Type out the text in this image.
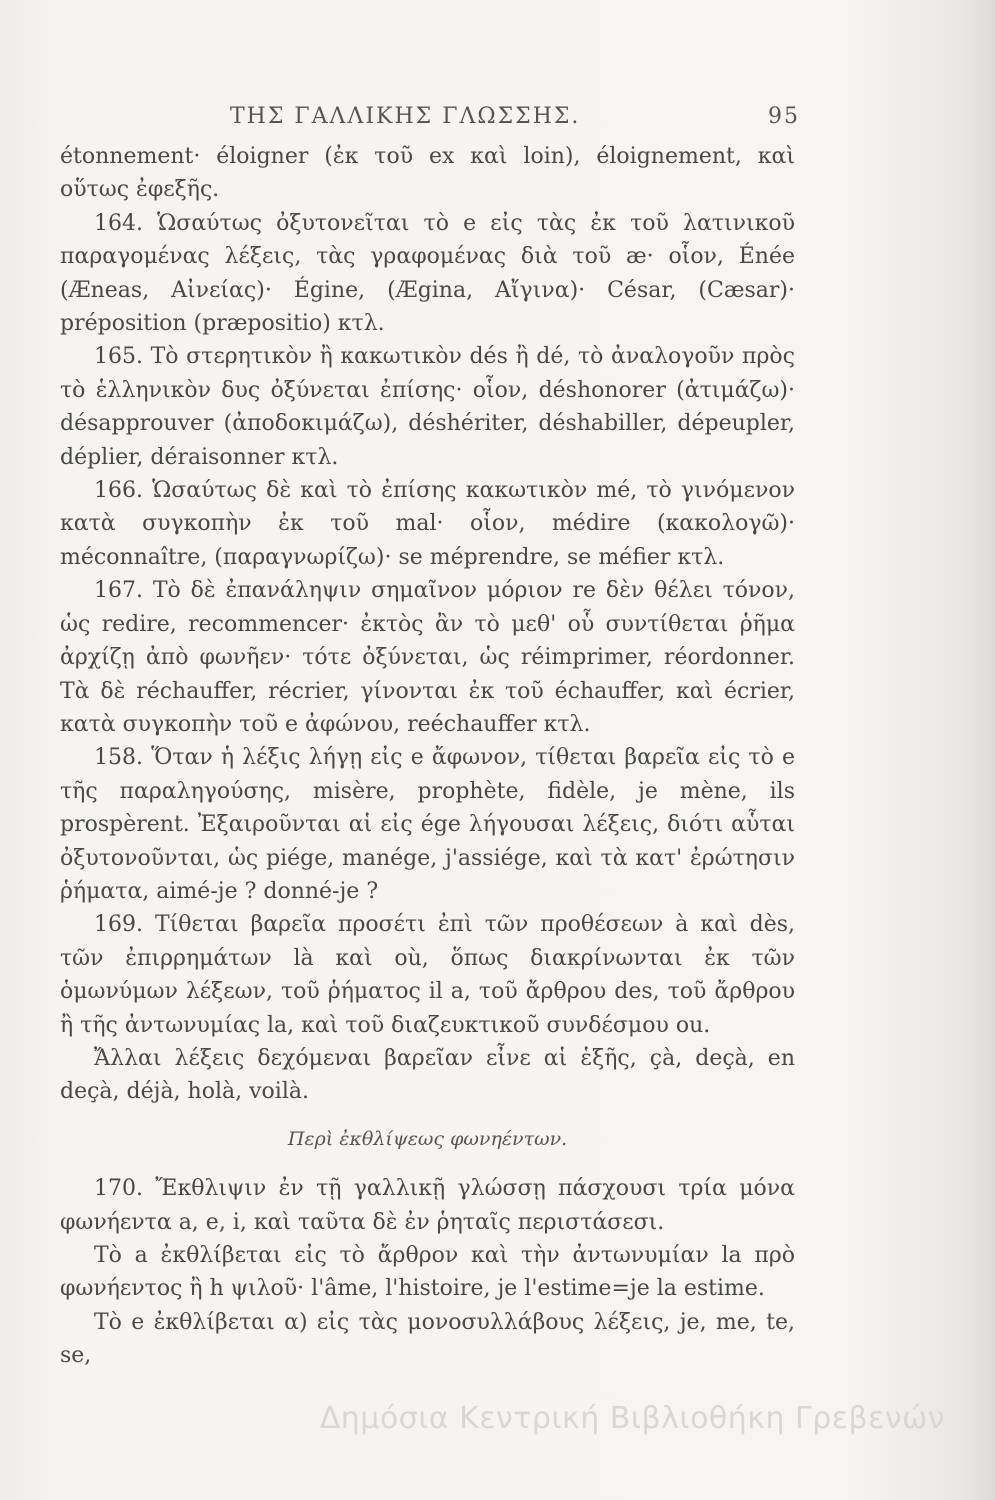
ΤΗΣ ΓΑΛΛΙΚΗΣ ΓΛΩΣΣΗΣ.	95

étonnement· éloigner (ἐκ τοῦ ex καὶ loin), éloignement, καὶ οὕτως ἐφεξῆς.

164. Ὡσαύτως ὀξυτονεῖται τὸ e εἰς τὰς ἐκ τοῦ λατινικοῦ παραγομένας λέξεις, τὰς γραφομένας διὰ τοῦ æ· οἷον, Énée (Æneas, Αἰνείας)· Égine, (Ægina, Αἴγινα)· César, (Cæsar)· préposition (præpositio) κτλ.

165. Τὸ στερητικὸν ἢ κακωτικὸν dés ἢ dé, τὸ ἀναλογοῦν πρὸς τὸ ἑλληνικὸν δυς ὀξύνεται ἐπίσης· οἷον, déshonorer (ἀτιμάζω)· désapprouver (ἀποδοκιμάζω), déshériter, déshabiller, dépeupler, déplier, déraisonner κτλ.

166. Ὡσαύτως δὲ καὶ τὸ ἐπίσης κακωτικὸν mé, τὸ γινόμενον κατὰ συγκοπὴν ἐκ τοῦ mal· οἷον, médire (κακολογῶ)· méconnaître, (παραγνωρίζω)· se méprendre, se méfier κτλ.

167. Τὸ δὲ ἐπανάληψιν σημαῖνον μόριον re δὲν θέλει τόνον, ὡς redire, recommencer· ἐκτὸς ἂν τὸ μεθ' οὗ συντίθεται ῥῆμα ἀρχίζῃ ἀπὸ φωνῆεν· τότε ὀξύνεται, ὡς réimprimer, réordonner. Τὰ δὲ réchauffer, récrier, γίνονται ἐκ τοῦ échauffer, καὶ écrier, κατὰ συγκοπὴν τοῦ e ἀφώνου, reéchauffer κτλ.

158. Ὅταν ἡ λέξις λήγῃ εἰς e ἄφωνον, τίθεται βαρεῖα εἰς τὸ e τῆς παραληγούσης, misère, prophète, fidèle, je mène, ils prospèrent. Ἐξαιροῦνται αἱ εἰς ége λήγουσαι λέξεις, διότι αὗται ὀξυτονοῦνται, ὡς piége, manége, j'assiége, καὶ τὰ κατ' ἐρώτησιν ῥήματα, aimé-je ? donné-je ?

169. Τίθεται βαρεῖα προσέτι ἐπὶ τῶν προθέσεων à καὶ dès, τῶν ἐπιρρημάτων là καὶ où, ὅπως διακρίνωνται ἐκ τῶν ὁμωνύμων λέξεων, τοῦ ῥήματος il a, τοῦ ἄρθρου des, τοῦ ἄρθρου ἢ τῆς ἀντωνυμίας la, καὶ τοῦ διαζευκτικοῦ συνδέσμου ou.

Ἄλλαι λέξεις δεχόμεναι βαρεῖαν εἶνε αἱ ἑξῆς, çà, deçà, en deçà, déjà, holà, voilà.

Περὶ ἐκθλίψεως φωνηέντων.

170. Ἔκθλιψιν ἐν τῇ γαλλικῇ γλώσσῃ πάσχουσι τρία μόνα φωνήεντα a, e, i, καὶ ταῦτα δὲ ἐν ῥηταῖς περιστάσεσι.

Τὸ a ἐκθλίβεται εἰς τὸ ἄρθρον καὶ τὴν ἀντωνυμίαν la πρὸ φωνήεντος ἢ h ψιλοῦ· l'âme, l'histoire, je l'estime=je la estime.

Τὸ e ἐκθλίβεται α) εἰς τὰς μονοσυλλάβους λέξεις, je, me, te, se,

Δημόσια Κεντρική Βιβλιοθήκη Γρεβενών
